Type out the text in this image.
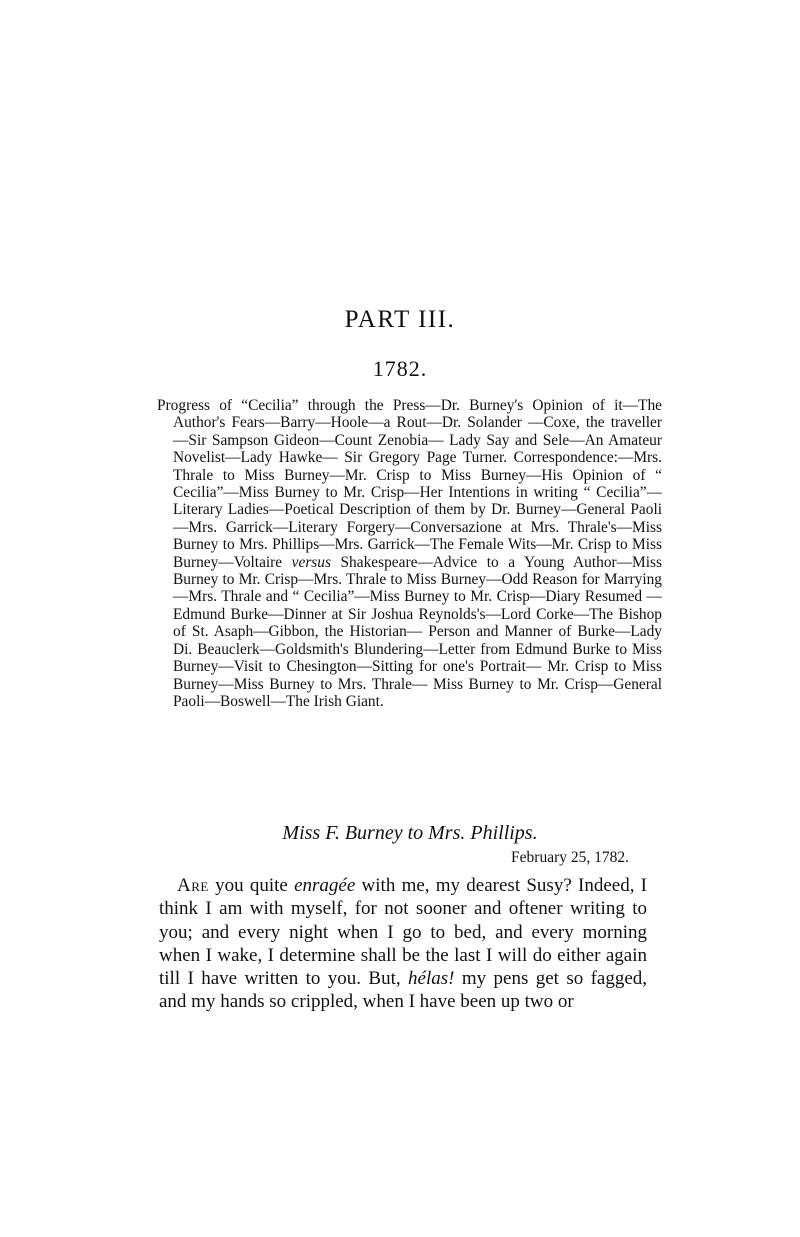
PART III.
1782.

Progress of “Cecilia” through the Press—Dr. Burney's Opinion of it—The Author's Fears—Barry—Hoole—a Rout—Dr. Solander —Coxe, the traveller—Sir Sampson Gideon—Count Zenobia— Lady Say and Sele—An Amateur Novelist—Lady Hawke— Sir Gregory Page Turner. Correspondence:—Mrs. Thrale to Miss Burney—Mr. Crisp to Miss Burney—His Opinion of “ Cecilia”—Miss Burney to Mr. Crisp—Her Intentions in writing “ Cecilia”—Literary Ladies—Poetical Description of them by Dr. Burney—General Paoli—Mrs. Garrick—Literary Forgery—Conversazione at Mrs. Thrale's—Miss Burney to Mrs. Phillips—Mrs. Garrick—The Female Wits—Mr. Crisp to Miss Burney—Voltaire versus Shakespeare—Advice to a Young Author—Miss Burney to Mr. Crisp—Mrs. Thrale to Miss Burney—Odd Reason for Marrying—Mrs. Thrale and “ Cecilia”—Miss Burney to Mr. Crisp—Diary Resumed —Edmund Burke—Dinner at Sir Joshua Reynolds's—Lord Corke—The Bishop of St. Asaph—Gibbon, the Historian— Person and Manner of Burke—Lady Di. Beauclerk—Goldsmith's Blundering—Letter from Edmund Burke to Miss Burney—Visit to Chesington—Sitting for one's Portrait— Mr. Crisp to Miss Burney—Miss Burney to Mrs. Thrale— Miss Burney to Mr. Crisp—General Paoli—Boswell—The Irish Giant.

Miss F. Burney to Mrs. Phillips.
February 25, 1782.

Are you quite enragée with me, my dearest Susy? Indeed, I think I am with myself, for not sooner and oftener writing to you; and every night when I go to bed, and every morning when I wake, I determine shall be the last I will do either again till I have written to you. But, hélas! my pens get so fagged, and my hands so crippled, when I have been up two or
